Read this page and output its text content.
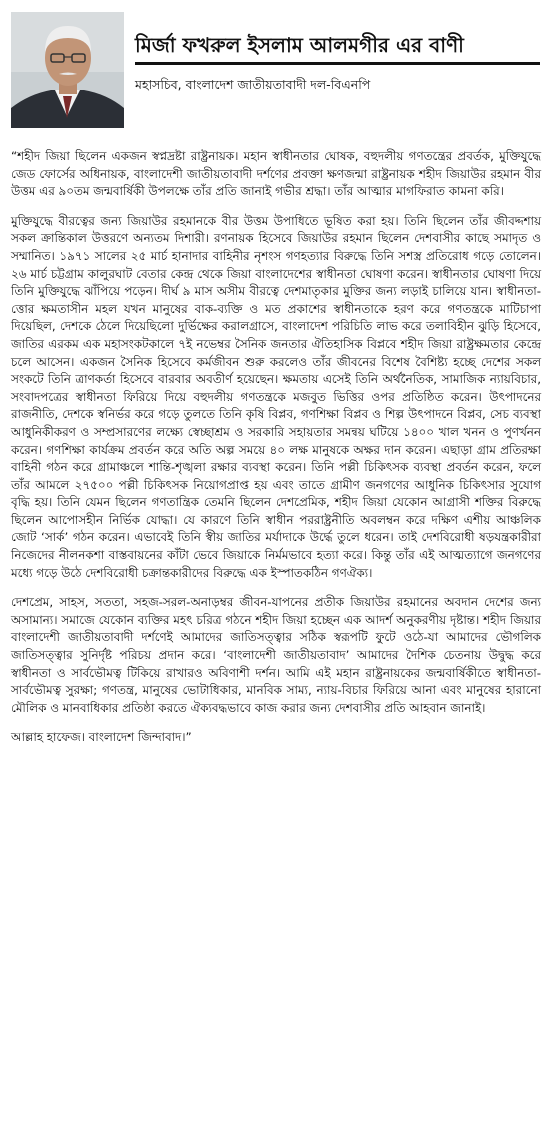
মির্জা ফখরুল ইসলাম আলমগীর এর বাণী
মহাসচিব, বাংলাদেশ জাতীয়তাবাদী দল-বিএনপি

“শহীদ জিয়া ছিলেন একজন স্বপ্নদ্রষ্টা রাষ্ট্রনায়ক। মহান স্বাধীনতার ঘোষক, বহুদলীয় গণতন্ত্রের প্রবর্তক, মুক্তিযুদ্ধে জেড ফোর্সের অধিনায়ক, বাংলাদেশী জাতীয়তাবাদী দর্শণের প্রবক্তা ক্ষণজন্মা রাষ্ট্রনায়ক শহীদ জিয়াউর রহমান বীর উত্তম এর ৯০তম জন্মবার্ষিকী উপলক্ষে তাঁর প্রতি জানাই গভীর শ্রদ্ধা। তাঁর আত্মার মাগফিরাত কামনা করি।

মুক্তিযুদ্ধে বীরত্বের জন্য জিয়াউর রহমানকে বীর উত্তম উপাধিতে ভূষিত করা হয়। তিনি ছিলেন তাঁর জীবদ্দশায় সকল ক্রান্তিকাল উত্তরণে অন্যতম দিশারী। রণনায়ক হিসেবে জিয়াউর রহমান ছিলেন দেশবাসীর কাছে সমাদৃত ও সম্মানিত। ১৯৭১ সালের ২৫ মার্চ হানাদার বাহিনীর নৃশংস গণহত্যার বিরুদ্ধে তিনি সশস্ত্র প্রতিরোধ গড়ে তোলেন। ২৬ মার্চ চট্টগ্রাম কালুরঘাট বেতার কেন্দ্র থেকে জিয়া বাংলাদেশের স্বাধীনতা ঘোষণা করেন। স্বাধীনতার ঘোষণা দিয়ে তিনি মুক্তিযুদ্ধে ঝাঁপিয়ে পড়েন। দীর্ঘ ৯ মাস অসীম বীরত্বে দেশমাতৃকার মুক্তির জন্য লড়াই চালিয়ে যান। স্বাধীনতা-ত্তোর ক্ষমতাসীন মহল যখন মানুষের বাক-ব্যক্তি ও মত প্রকাশের স্বাধীনতাকে হরণ করে গণতন্ত্রকে মাটিচাপা দিয়েছিল, দেশকে ঠেলে দিয়েছিলো দুর্ভিক্ষের করালগ্রাসে, বাংলাদেশ পরিচিতি লাভ করে তলাবিহীন ঝুড়ি হিসেবে, জাতির এরকম এক মহাসংকটকালে ৭ই নভেম্বর সৈনিক জনতার ঐতিহাসিক বিপ্লবে শহীদ জিয়া রাষ্ট্রক্ষমতার কেন্দ্রে চলে আসেন। একজন সৈনিক হিসেবে কর্মজীবন শুরু করলেও তাঁর জীবনের বিশেষ বৈশিষ্ট্য হচ্ছে দেশের সকল সংকটে তিনি ত্রাণকর্তা হিসেবে বারবার অবতীর্ণ হয়েছেন। ক্ষমতায় এসেই তিনি অর্থনৈতিক, সামাজিক ন্যায়বিচার, সংবাদপত্রের স্বাধীনতা ফিরিয়ে দিয়ে বহুদলীয় গণতন্ত্রকে মজবুত ভিত্তির ওপর প্রতিষ্ঠিত করেন। উৎপাদনের রাজনীতি, দেশকে স্বনির্ভর করে গড়ে তুলতে তিনি কৃষি বিপ্লব, গণশিক্ষা বিপ্লব ও শিল্প উৎপাদনে বিপ্লব, সেচ ব্যবস্থা আধুনিকীকরণ ও সম্প্রসারণের লক্ষ্যে স্বেচ্ছাশ্রম ও সরকারি সহায়তার সমন্বয় ঘটিয়ে ১৪০০ খাল খনন ও পুণর্খনন করেন। গণশিক্ষা কার্যক্রম প্রবর্তন করে অতি অল্প সময়ে ৪০ লক্ষ মানুষকে অক্ষর দান করেন। এছাড়া গ্রাম প্রতিরক্ষা বাহিনী গঠন করে গ্রামাঞ্চলে শান্তি-শৃঙ্খলা রক্ষার ব্যবস্থা করেন। তিনি পল্লী চিকিৎসক ব্যবস্থা প্রবর্তন করেন, ফলে তাঁর আমলে ২৭৫০০ পল্লী চিকিৎসক নিয়োগপ্রাপ্ত হয় এবং তাতে গ্রামীণ জনগণের আধুনিক চিকিৎসার সুযোগ বৃদ্ধি হয়। তিনি যেমন ছিলেন গণতান্ত্রিক তেমনি ছিলেন দেশপ্রেমিক, শহীদ জিয়া যেকোন আগ্রাসী শক্তির বিরুদ্ধে ছিলেন আপোসহীন নির্ভিক যোদ্ধা। যে কারণে তিনি স্বাধীন পররাষ্ট্রনীতি অবলম্বন করে দক্ষিণ এশীয় আঞ্চলিক জোট ‘সার্ক’ গঠন করেন। এভাবেই তিনি স্বীয় জাতির মর্যাদাকে উর্দ্ধে তুলে ধরেন। তাই দেশবিরোধী ষড়যন্ত্রকারীরা নিজেদের নীলনকশা বাস্তবায়নের কাঁটা ভেবে জিয়াকে নির্মমভাবে হত্যা করে। কিন্তু তাঁর এই আত্মত্যাগে জনগণের মধ্যে গড়ে উঠে দেশবিরোধী চক্রান্তকারীদের বিরুদ্ধে এক ইস্পাতকঠিন গণঐক্য।

দেশপ্রেম, সাহস, সততা, সহজ-সরল-অনাড়ম্বর জীবন-যাপনের প্রতীক জিয়াউর রহমানের অবদান দেশের জন্য অসামান্য। সমাজে যেকোন ব্যক্তির মহৎ চরিত্র গঠনে শহীদ জিয়া হচ্ছেন এক আদর্শ অনুকরণীয় দৃষ্টান্ত। শহীদ জিয়ার বাংলাদেশী জাতীয়তাবাদী দর্শণেই আমাদের জাতিসত্ত্বার সঠিক স্বরূপটি ফুটে ওঠে-যা আমাদের ভৌগলিক জাতিসত্ত্বার সুনির্দৃষ্ট পরিচয় প্রদান করে। ‘বাংলাদেশী জাতীয়তাবাদ’ আমাদের দৈশিক চেতনায় উদ্বুদ্ধ করে স্বাধীনতা ও সার্বভৌমত্ব টিকিয়ে রাখারও অবিণাশী দর্শন। আমি এই মহান রাষ্ট্রনায়কের জন্মবার্ষিকীতে স্বাধীনতা-সার্বভৌমত্ব সুরক্ষা; গণতন্ত্র, মানুষের ভোটাধিকার, মানবিক সাম্য, ন্যায়-বিচার ফিরিয়ে আনা এবং মানুষের হারানো মৌলিক ও মানবাধিকার প্রতিষ্ঠা করতে ঐক্যবদ্ধভাবে কাজ করার জন্য দেশবাসীর প্রতি আহবান জানাই।

আল্লাহ হাফেজ। বাংলাদেশ জিন্দাবাদ।”
